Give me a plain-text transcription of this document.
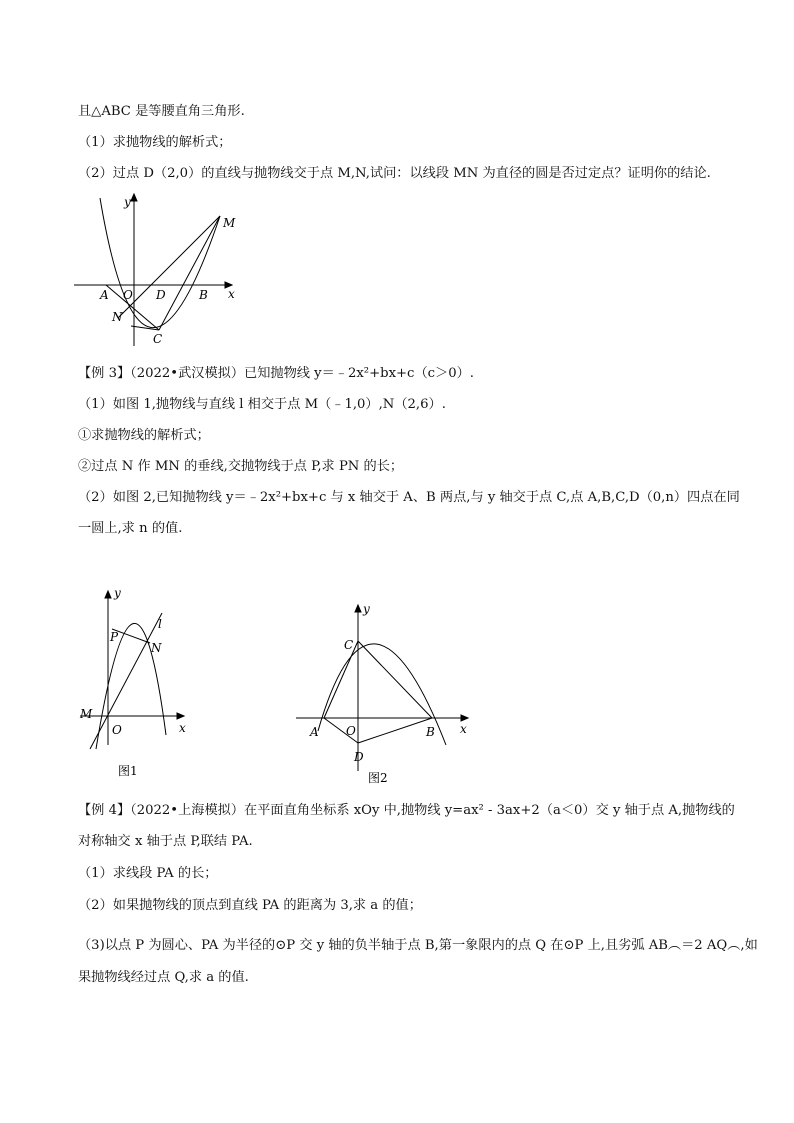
且△ABC 是等腰直角三角形.
（1）求抛物线的解析式；
（2）过点 D（2,0）的直线与抛物线交于点 M,N,试问：以线段 MN 为直径的圆是否过定点？证明你的结论.
y
x
A O D	B
N
C
M
【例 3】（2022•武汉模拟）已知抛物线 y＝﹣2x²+bx+c（c＞0）.
（1）如图 1,抛物线与直线 l 相交于点 M（﹣1,0）,N（2,6）.
①求抛物线的解析式；
②过点 N 作 MN 的垂线,交抛物线于点 P,求 PN 的长；
（2）如图 2,已知抛物线 y＝﹣2x²+bx+c 与 x 轴交于 A、B 两点,与 y 轴交于点 C,点 A,B,C,D（0,n）四点在同
一圆上,求 n 的值.
y
x
P
N
l
M
O
图1
y
x
C
A O	B
D
图2
【例 4】（2022•上海模拟）在平面直角坐标系 xOy 中,抛物线 y=ax² - 3ax+2（a＜0）交 y 轴于点 A,抛物线的
对称轴交 x 轴于点 P,联结 PA.
（1）求线段 PA 的长；
（2）如果抛物线的顶点到直线 PA 的距离为 3,求 a 的值；
（3)以点 P 为圆心、PA 为半径的⊙P 交 y 轴的负半轴于点 B,第一象限内的点 Q 在⊙P 上,且劣弧 AB︵＝2 AQ︵,如
果抛物线经过点 Q,求 a 的值.
